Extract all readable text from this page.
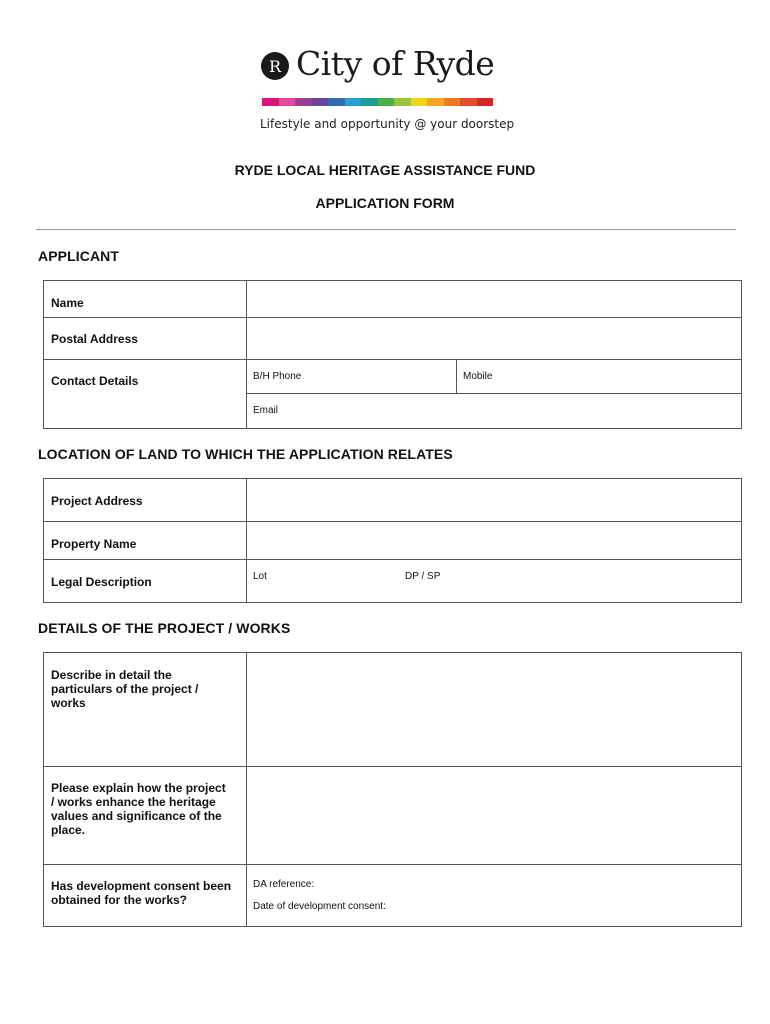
R City of Ryde
Lifestyle and opportunity @ your doorstep
RYDE LOCAL HERITAGE ASSISTANCE FUND
APPLICATION FORM
APPLICANT
Name
Postal Address
Contact Details	B/H Phone	Mobile
Email
LOCATION OF LAND TO WHICH THE APPLICATION RELATES
Project Address
Property Name
Legal Description	Lot	DP / SP
DETAILS OF THE PROJECT / WORKS
Describe in detail the particulars of the project / works
Please explain how the project / works enhance the heritage values and significance of the place.
Has development consent been obtained for the works?
DA reference:
Date of development consent:
